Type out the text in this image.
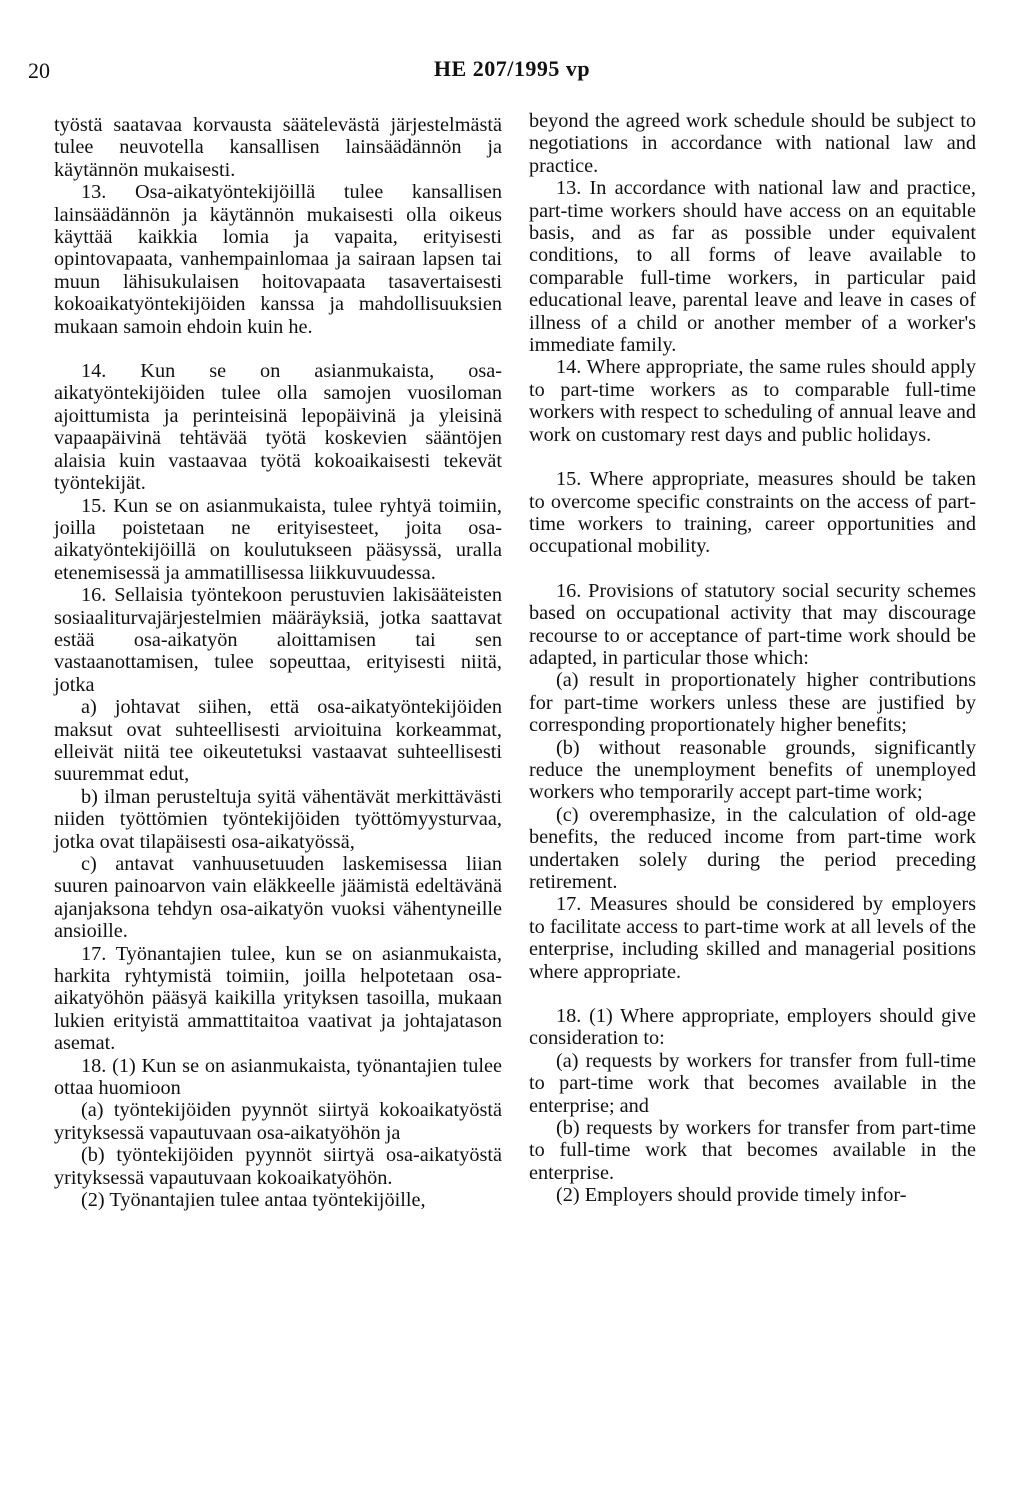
20	HE 207/1995 vp

työstä saatavaa korvausta säätelevästä järjestelmästä tulee neuvotella kansallisen lainsäädännön ja käytännön mukaisesti.

13. Osa-aikatyöntekijöillä tulee kansallisen lainsäädännön ja käytännön mukaisesti olla oikeus käyttää kaikkia lomia ja vapaita, erityisesti opintovapaata, vanhempainlomaa ja sairaan lapsen tai muun lähisukulaisen hoitovapaata tasavertaisesti kokoaikatyöntekijöiden kanssa ja mahdollisuuksien mukaan samoin ehdoin kuin he.

14. Kun se on asianmukaista, osa-aikatyöntekijöiden tulee olla samojen vuosiloman ajoittumista ja perinteisinä lepopäivinä ja yleisinä vapaapäivinä tehtävää työtä koskevien sääntöjen alaisia kuin vastaavaa työtä kokoaikaisesti tekevät työntekijät.

15. Kun se on asianmukaista, tulee ryhtyä toimiin, joilla poistetaan ne erityisesteet, joita osa-aikatyöntekijöillä on koulutukseen pääsyssä, uralla etenemisessä ja ammatillisessa liikkuvuudessa.

16. Sellaisia työntekoon perustuvien lakisääteisten sosiaaliturvajärjestelmien määräyksiä, jotka saattavat estää osa-aikatyön aloittamisen tai sen vastaanottamisen, tulee sopeuttaa, erityisesti niitä, jotka

a) johtavat siihen, että osa-aikatyöntekijöiden maksut ovat suhteellisesti arvioituina korkeammat, elleivät niitä tee oikeutetuksi vastaavat suhteellisesti suuremmat edut,

b) ilman perusteltuja syitä vähentävät merkittävästi niiden työttömien työntekijöiden työttömyysturvaa, jotka ovat tilapäisesti osa-aikatyössä,

c) antavat vanhuusetuuden laskemisessa liian suuren painoarvon vain eläkkeelle jäämistä edeltävänä ajanjaksona tehdyn osa-aikatyön vuoksi vähentyneille ansioille.

17. Työnantajien tulee, kun se on asianmukaista, harkita ryhtymistä toimiin, joilla helpotetaan osa-aikatyöhön pääsyä kaikilla yrityksen tasoilla, mukaan lukien erityistä ammattitaitoa vaativat ja johtajatason asemat.

18. (1) Kun se on asianmukaista, työnantajien tulee ottaa huomioon

(a) työntekijöiden pyynnöt siirtyä kokoaikatyöstä yrityksessä vapautuvaan osa-aikatyöhön ja

(b) työntekijöiden pyynnöt siirtyä osa-aikatyöstä yrityksessä vapautuvaan kokoaikatyöhön.

(2) Työnantajien tulee antaa työntekijöille,

beyond the agreed work schedule should be subject to negotiations in accordance with national law and practice.

13. In accordance with national law and practice, part-time workers should have access on an equitable basis, and as far as possible under equivalent conditions, to all forms of leave available to comparable full-time workers, in particular paid educational leave, parental leave and leave in cases of illness of a child or another member of a worker's immediate family.

14. Where appropriate, the same rules should apply to part-time workers as to comparable full-time workers with respect to scheduling of annual leave and work on customary rest days and public holidays.

15. Where appropriate, measures should be taken to overcome specific constraints on the access of part-time workers to training, career opportunities and occupational mobility.

16. Provisions of statutory social security schemes based on occupational activity that may discourage recourse to or acceptance of part-time work should be adapted, in particular those which:

(a) result in proportionately higher contributions for part-time workers unless these are justified by corresponding proportionately higher benefits;

(b) without reasonable grounds, significantly reduce the unemployment benefits of unemployed workers who temporarily accept part-time work;

(c) overemphasize, in the calculation of old-age benefits, the reduced income from part-time work undertaken solely during the period preceding retirement.

17. Measures should be considered by employers to facilitate access to part-time work at all levels of the enterprise, including skilled and managerial positions where appropriate.

18. (1) Where appropriate, employers should give consideration to:

(a) requests by workers for transfer from full-time to part-time work that becomes available in the enterprise; and

(b) requests by workers for transfer from part-time to full-time work that becomes available in the enterprise.

(2) Employers should provide timely infor-
